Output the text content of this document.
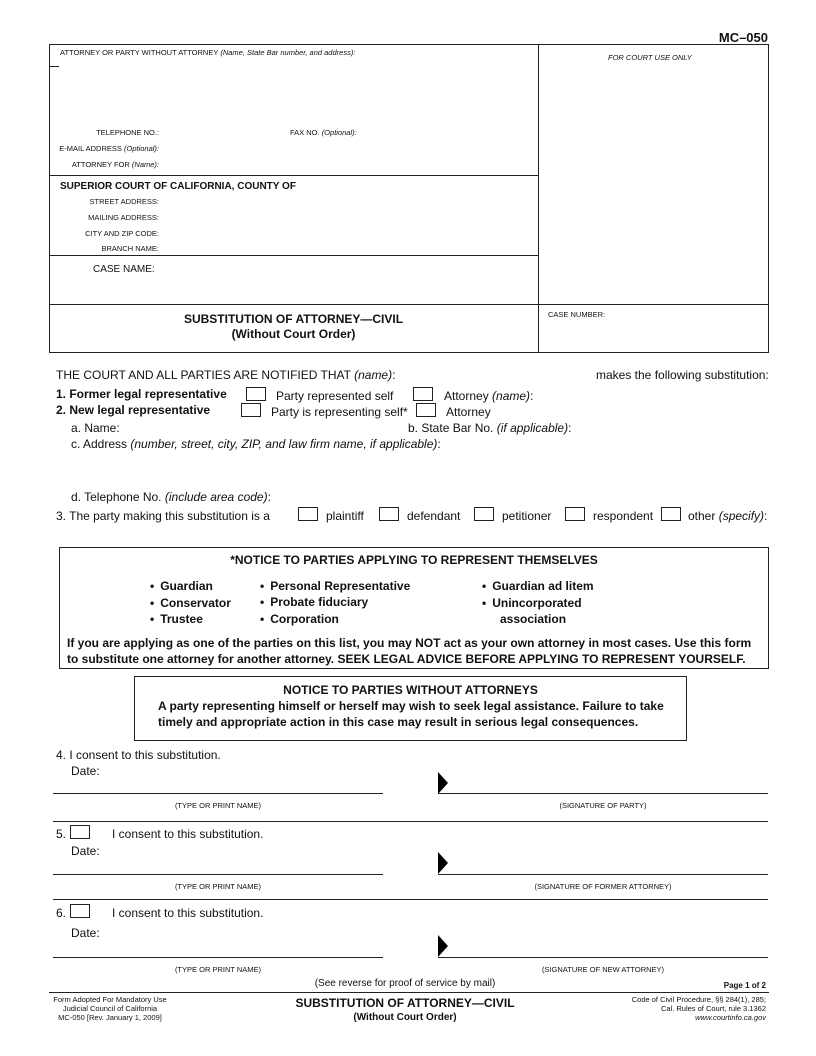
MC–050
ATTORNEY OR PARTY WITHOUT ATTORNEY (Name, State Bar number, and address):
FOR COURT USE ONLY
TELEPHONE NO.:	FAX NO. (Optional):
E-MAIL ADDRESS (Optional):
ATTORNEY FOR (Name):
SUPERIOR COURT OF CALIFORNIA, COUNTY OF
STREET ADDRESS:
MAILING ADDRESS:
CITY AND ZIP CODE:
BRANCH NAME:
CASE NAME:
SUBSTITUTION OF ATTORNEY—CIVIL
(Without Court Order)
CASE NUMBER:
THE COURT AND ALL PARTIES ARE NOTIFIED THAT (name):	makes the following substitution:
1. Former legal representative	Party represented self	Attorney (name):
2. New legal representative	Party is representing self*	Attorney
a. Name:	b. State Bar No. (if applicable):
c. Address (number, street, city, ZIP, and law firm name, if applicable):
d. Telephone No. (include area code):
3. The party making this substitution is a	plaintiff	defendant	petitioner	respondent	other (specify):
*NOTICE TO PARTIES APPLYING TO REPRESENT THEMSELVES
• Guardian
• Conservator
• Trustee
• Personal Representative
• Probate fiduciary
• Corporation
• Guardian ad litem
• Unincorporated
association
If you are applying as one of the parties on this list, you may NOT act as your own attorney in most cases. Use this form
to substitute one attorney for another attorney. SEEK LEGAL ADVICE BEFORE APPLYING TO REPRESENT YOURSELF.
NOTICE TO PARTIES WITHOUT ATTORNEYS
A party representing himself or herself may wish to seek legal assistance. Failure to take
timely and appropriate action in this case may result in serious legal consequences.
4. I consent to this substitution.
Date:
(TYPE OR PRINT NAME)	(SIGNATURE OF PARTY)
5.	I consent to this substitution.
Date:
(TYPE OR PRINT NAME)	(SIGNATURE OF FORMER ATTORNEY)
6.	I consent to this substitution.
Date:
(TYPE OR PRINT NAME)	(SIGNATURE OF NEW ATTORNEY)
(See reverse for proof of service by mail)	Page 1 of 2
Form Adopted For Mandatory Use
Judicial Council of California
MC-050 [Rev. January 1, 2009]
SUBSTITUTION OF ATTORNEY—CIVIL
(Without Court Order)
Code of Civil Procedure, §§ 284(1), 285;
Cal. Rules of Court, rule 3.1362
www.courtinfo.ca.gov
